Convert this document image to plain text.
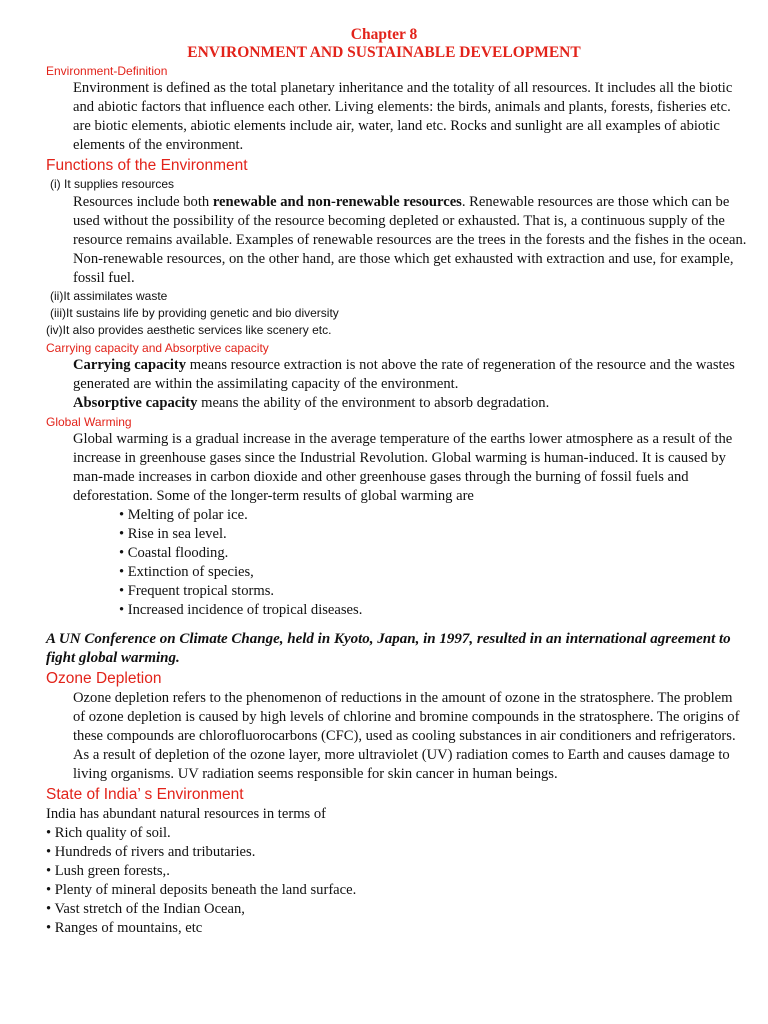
Chapter 8
ENVIRONMENT AND SUSTAINABLE DEVELOPMENT
Environment-Definition
Environment is defined as the total planetary inheritance and the totality of all resources. It includes all the biotic and abiotic factors that influence each other. Living elements: the birds, animals and plants, forests, fisheries etc. are biotic elements, abiotic elements include air, water, land etc. Rocks and sunlight are all examples of abiotic elements of the environment.
Functions of the Environment
(i) It supplies resources
Resources include both renewable and non-renewable resources. Renewable resources are those which can be used without the possibility of the resource becoming depleted or exhausted. That is, a continuous supply of the resource remains available. Examples of renewable resources are the trees in the forests and the fishes in the ocean. Non-renewable resources, on the other hand, are those which get exhausted with extraction and use, for example, fossil fuel.
(ii)It assimilates waste
(iii)It sustains life by providing genetic and bio diversity
(iv)It also provides aesthetic services like scenery etc.
Carrying capacity and Absorptive capacity
Carrying capacity means resource extraction is not above the rate of regeneration of the resource and the wastes generated are within the assimilating capacity of the environment.
Absorptive capacity means the ability of the environment to absorb degradation.
Global Warming
Global warming is a gradual increase in the average temperature of the earths lower atmosphere as a result of the increase in greenhouse gases since the Industrial Revolution. Global warming is human-induced. It is caused by man-made increases in carbon dioxide and other greenhouse gases through the burning of fossil fuels and deforestation. Some of the longer-term results of global warming are
• Melting of polar ice.
• Rise in sea level.
• Coastal flooding.
• Extinction of species,
• Frequent tropical storms.
• Increased incidence of tropical diseases.
A UN Conference on Climate Change, held in Kyoto, Japan, in 1997, resulted in an international agreement to fight global warming.
Ozone Depletion
Ozone depletion refers to the phenomenon of reductions in the amount of ozone in the stratosphere. The problem of ozone depletion is caused by high levels of chlorine and bromine compounds in the stratosphere. The origins of these compounds are chlorofluorocarbons (CFC), used as cooling substances in air conditioners and refrigerators. As a result of depletion of the ozone layer, more ultraviolet (UV) radiation comes to Earth and causes damage to living organisms. UV radiation seems responsible for skin cancer in human beings.
State of India’ s Environment
India has abundant natural resources in terms of
• Rich quality of soil.
• Hundreds of rivers and tributaries.
• Lush green forests,.
• Plenty of mineral deposits beneath the land surface.
• Vast stretch of the Indian Ocean,
• Ranges of mountains, etc
